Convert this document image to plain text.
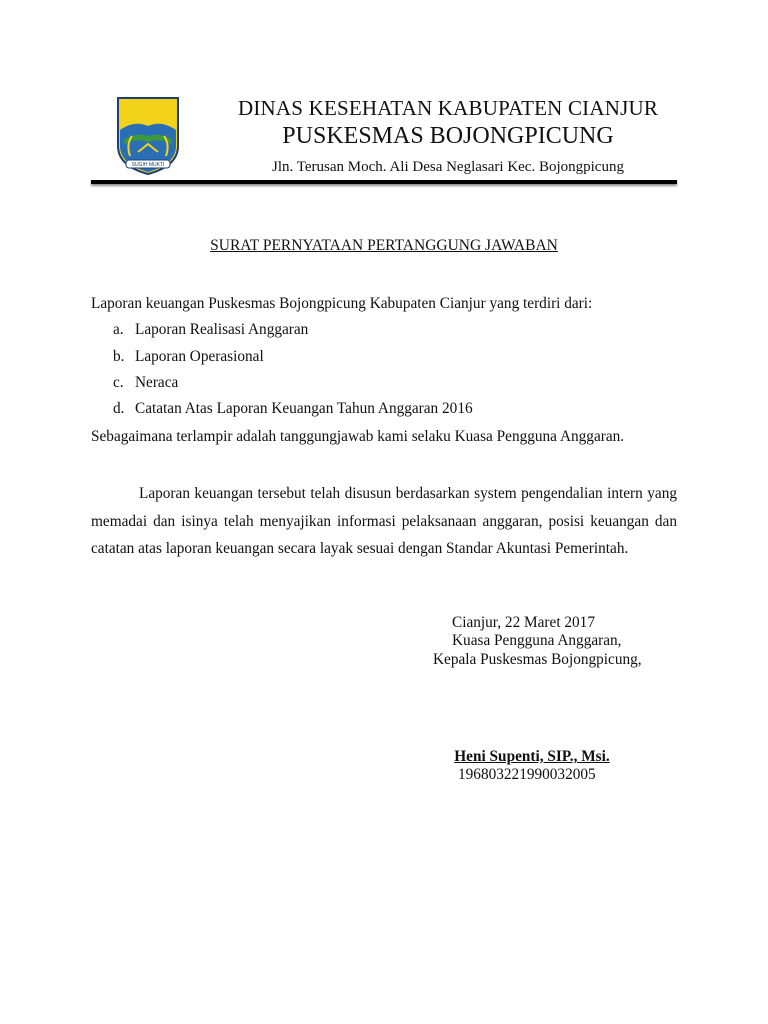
SUGIH MUKTI
DINAS KESEHATAN KABUPATEN CIANJUR
PUSKESMAS BOJONGPICUNG
Jln. Terusan Moch. Ali Desa Neglasari Kec. Bojongpicung
SURAT PERNYATAAN PERTANGGUNG JAWABAN
Laporan keuangan Puskesmas Bojongpicung Kabupaten Cianjur yang terdiri dari:
a. Laporan Realisasi Anggaran
b. Laporan Operasional
c. Neraca
d. Catatan Atas Laporan Keuangan Tahun Anggaran 2016
Sebagaimana terlampir adalah tanggungjawab kami selaku Kuasa Pengguna Anggaran.
Laporan keuangan tersebut telah disusun berdasarkan system pengendalian intern yang memadai dan isinya telah menyajikan informasi pelaksanaan anggaran, posisi keuangan dan catatan atas laporan keuangan secara layak sesuai dengan Standar Akuntasi Pemerintah.
Cianjur, 22 Maret 2017
Kuasa Pengguna Anggaran,
Kepala Puskesmas Bojongpicung,
Heni Supenti, SIP., Msi.
196803221990032005
